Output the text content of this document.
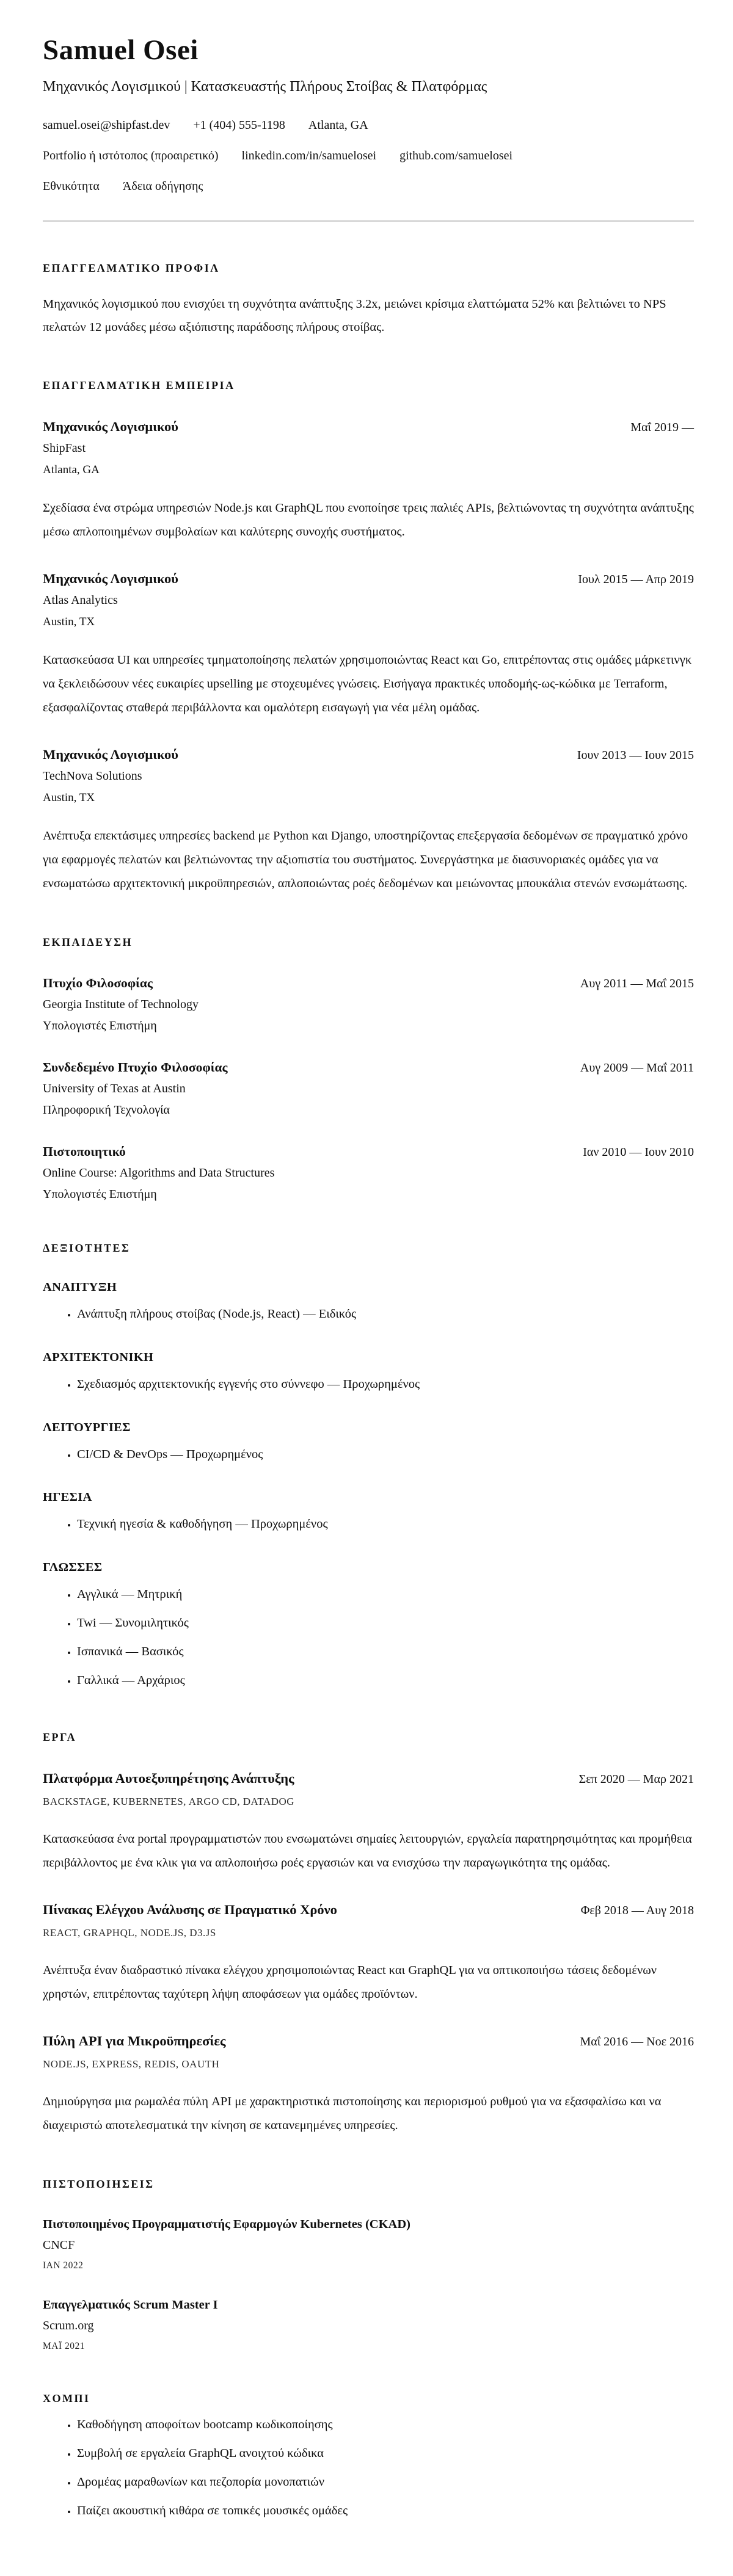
Samuel Osei
Μηχανικός Λογισμικού | Κατασκευαστής Πλήρους Στοίβας & Πλατφόρμας
samuel.osei@shipfast.dev +1 (404) 555-1198 Atlanta, GA
Portfolio ή ιστότοπος (προαιρετικό) linkedin.com/in/samuelosei github.com/samuelosei
Εθνικότητα Άδεια οδήγησης
ΕΠΑΓΓΕΛΜΑΤΙΚΟ ΠΡΟΦΙΛ

Μηχανικός λογισμικού που ενισχύει τη συχνότητα ανάπτυξης 3.2x, μειώνει κρίσιμα ελαττώματα 52% και βελτιώνει το NPS πελατών 12 μονάδες μέσω αξιόπιστης παράδοσης πλήρους στοίβας.

ΕΠΑΓΓΕΛΜΑΤΙΚΗ ΕΜΠΕΙΡΙΑ
Μηχανικός Λογισμικού	Μαΐ 2019 —
ShipFast
Atlanta, GA

Σχεδίασα ένα στρώμα υπηρεσιών Node.js και GraphQL που ενοποίησε τρεις παλιές APIs, βελτιώνοντας τη συχνότητα ανάπτυξης μέσω απλοποιημένων συμβολαίων και καλύτερης συνοχής συστήματος.

Μηχανικός Λογισμικού	Ιουλ 2015 — Απρ 2019
Atlas Analytics
Austin, TX

Κατασκεύασα UI και υπηρεσίες τμηματοποίησης πελατών χρησιμοποιώντας React και Go, επιτρέποντας στις ομάδες μάρκετινγκ να ξεκλειδώσουν νέες ευκαιρίες upselling με στοχευμένες γνώσεις. Εισήγαγα πρακτικές υποδομής-ως-κώδικα με Terraform, εξασφαλίζοντας σταθερά περιβάλλοντα και ομαλότερη εισαγωγή για νέα μέλη ομάδας.

Μηχανικός Λογισμικού	Ιουν 2013 — Ιουν 2015
TechNova Solutions
Austin, TX

Ανέπτυξα επεκτάσιμες υπηρεσίες backend με Python και Django, υποστηρίζοντας επεξεργασία δεδομένων σε πραγματικό χρόνο για εφαρμογές πελατών και βελτιώνοντας την αξιοπιστία του συστήματος. Συνεργάστηκα με διασυνοριακές ομάδες για να ενσωματώσω αρχιτεκτονική μικροϋπηρεσιών, απλοποιώντας ροές δεδομένων και μειώνοντας μπουκάλια στενών ενσωμάτωσης.

ΕΚΠΑΙΔΕΥΣΗ
Πτυχίο Φιλοσοφίας	Αυγ 2011 — Μαΐ 2015
Georgia Institute of Technology
Υπολογιστές Επιστήμη
Συνδεδεμένο Πτυχίο Φιλοσοφίας	Αυγ 2009 — Μαΐ 2011
University of Texas at Austin
Πληροφορική Τεχνολογία
Πιστοποιητικό	Ιαν 2010 — Ιουν 2010
Online Course: Algorithms and Data Structures
Υπολογιστές Επιστήμη
ΔΕΞΙΟΤΗΤΕΣ
ΑΝΑΠΤΥΞΗ
• Ανάπτυξη πλήρους στοίβας (Node.js, React) — Ειδικός
ΑΡΧΙΤΕΚΤΟΝΙΚΗ
• Σχεδιασμός αρχιτεκτονικής εγγενής στο σύννεφο — Προχωρημένος
ΛΕΙΤΟΥΡΓΙΕΣ
• CI/CD & DevOps — Προχωρημένος
ΗΓΕΣΙΑ
• Τεχνική ηγεσία & καθοδήγηση — Προχωρημένος
ΓΛΩΣΣΕΣ
• Αγγλικά — Μητρική
• Twi — Συνομιλητικός
• Ισπανικά — Βασικός
• Γαλλικά — Αρχάριος
ΕΡΓΑ
Πλατφόρμα Αυτοεξυπηρέτησης Ανάπτυξης	Σεπ 2020 — Μαρ 2021
BACKSTAGE, KUBERNETES, ARGO CD, DATADOG

Κατασκεύασα ένα portal προγραμματιστών που ενσωματώνει σημαίες λειτουργιών, εργαλεία παρατηρησιμότητας και προμήθεια περιβάλλοντος με ένα κλικ για να απλοποιήσω ροές εργασιών και να ενισχύσω την παραγωγικότητα της ομάδας.

Πίνακας Ελέγχου Ανάλυσης σε Πραγματικό Χρόνο	Φεβ 2018 — Αυγ 2018
REACT, GRAPHQL, NODE.JS, D3.JS

Ανέπτυξα έναν διαδραστικό πίνακα ελέγχου χρησιμοποιώντας React και GraphQL για να οπτικοποιήσω τάσεις δεδομένων χρηστών, επιτρέποντας ταχύτερη λήψη αποφάσεων για ομάδες προϊόντων.

Πύλη API για Μικροϋπηρεσίες	Μαΐ 2016 — Νοε 2016
NODE.JS, EXPRESS, REDIS, OAUTH

Δημιούργησα μια ρωμαλέα πύλη API με χαρακτηριστικά πιστοποίησης και περιορισμού ρυθμού για να εξασφαλίσω και να διαχειριστώ αποτελεσματικά την κίνηση σε κατανεμημένες υπηρεσίες.

ΠΙΣΤΟΠΟΙΗΣΕΙΣ
Πιστοποιημένος Προγραμματιστής Εφαρμογών Kubernetes (CKAD)
CNCF
ΙΑΝ 2022
Επαγγελματικός Scrum Master I
Scrum.org
ΜΑΪ 2021
ΧΟΜΠΙ
• Καθοδήγηση αποφοίτων bootcamp κωδικοποίησης
• Συμβολή σε εργαλεία GraphQL ανοιχτού κώδικα
• Δρομέας μαραθωνίων και πεζοπορία μονοπατιών
• Παίζει ακουστική κιθάρα σε τοπικές μουσικές ομάδες
